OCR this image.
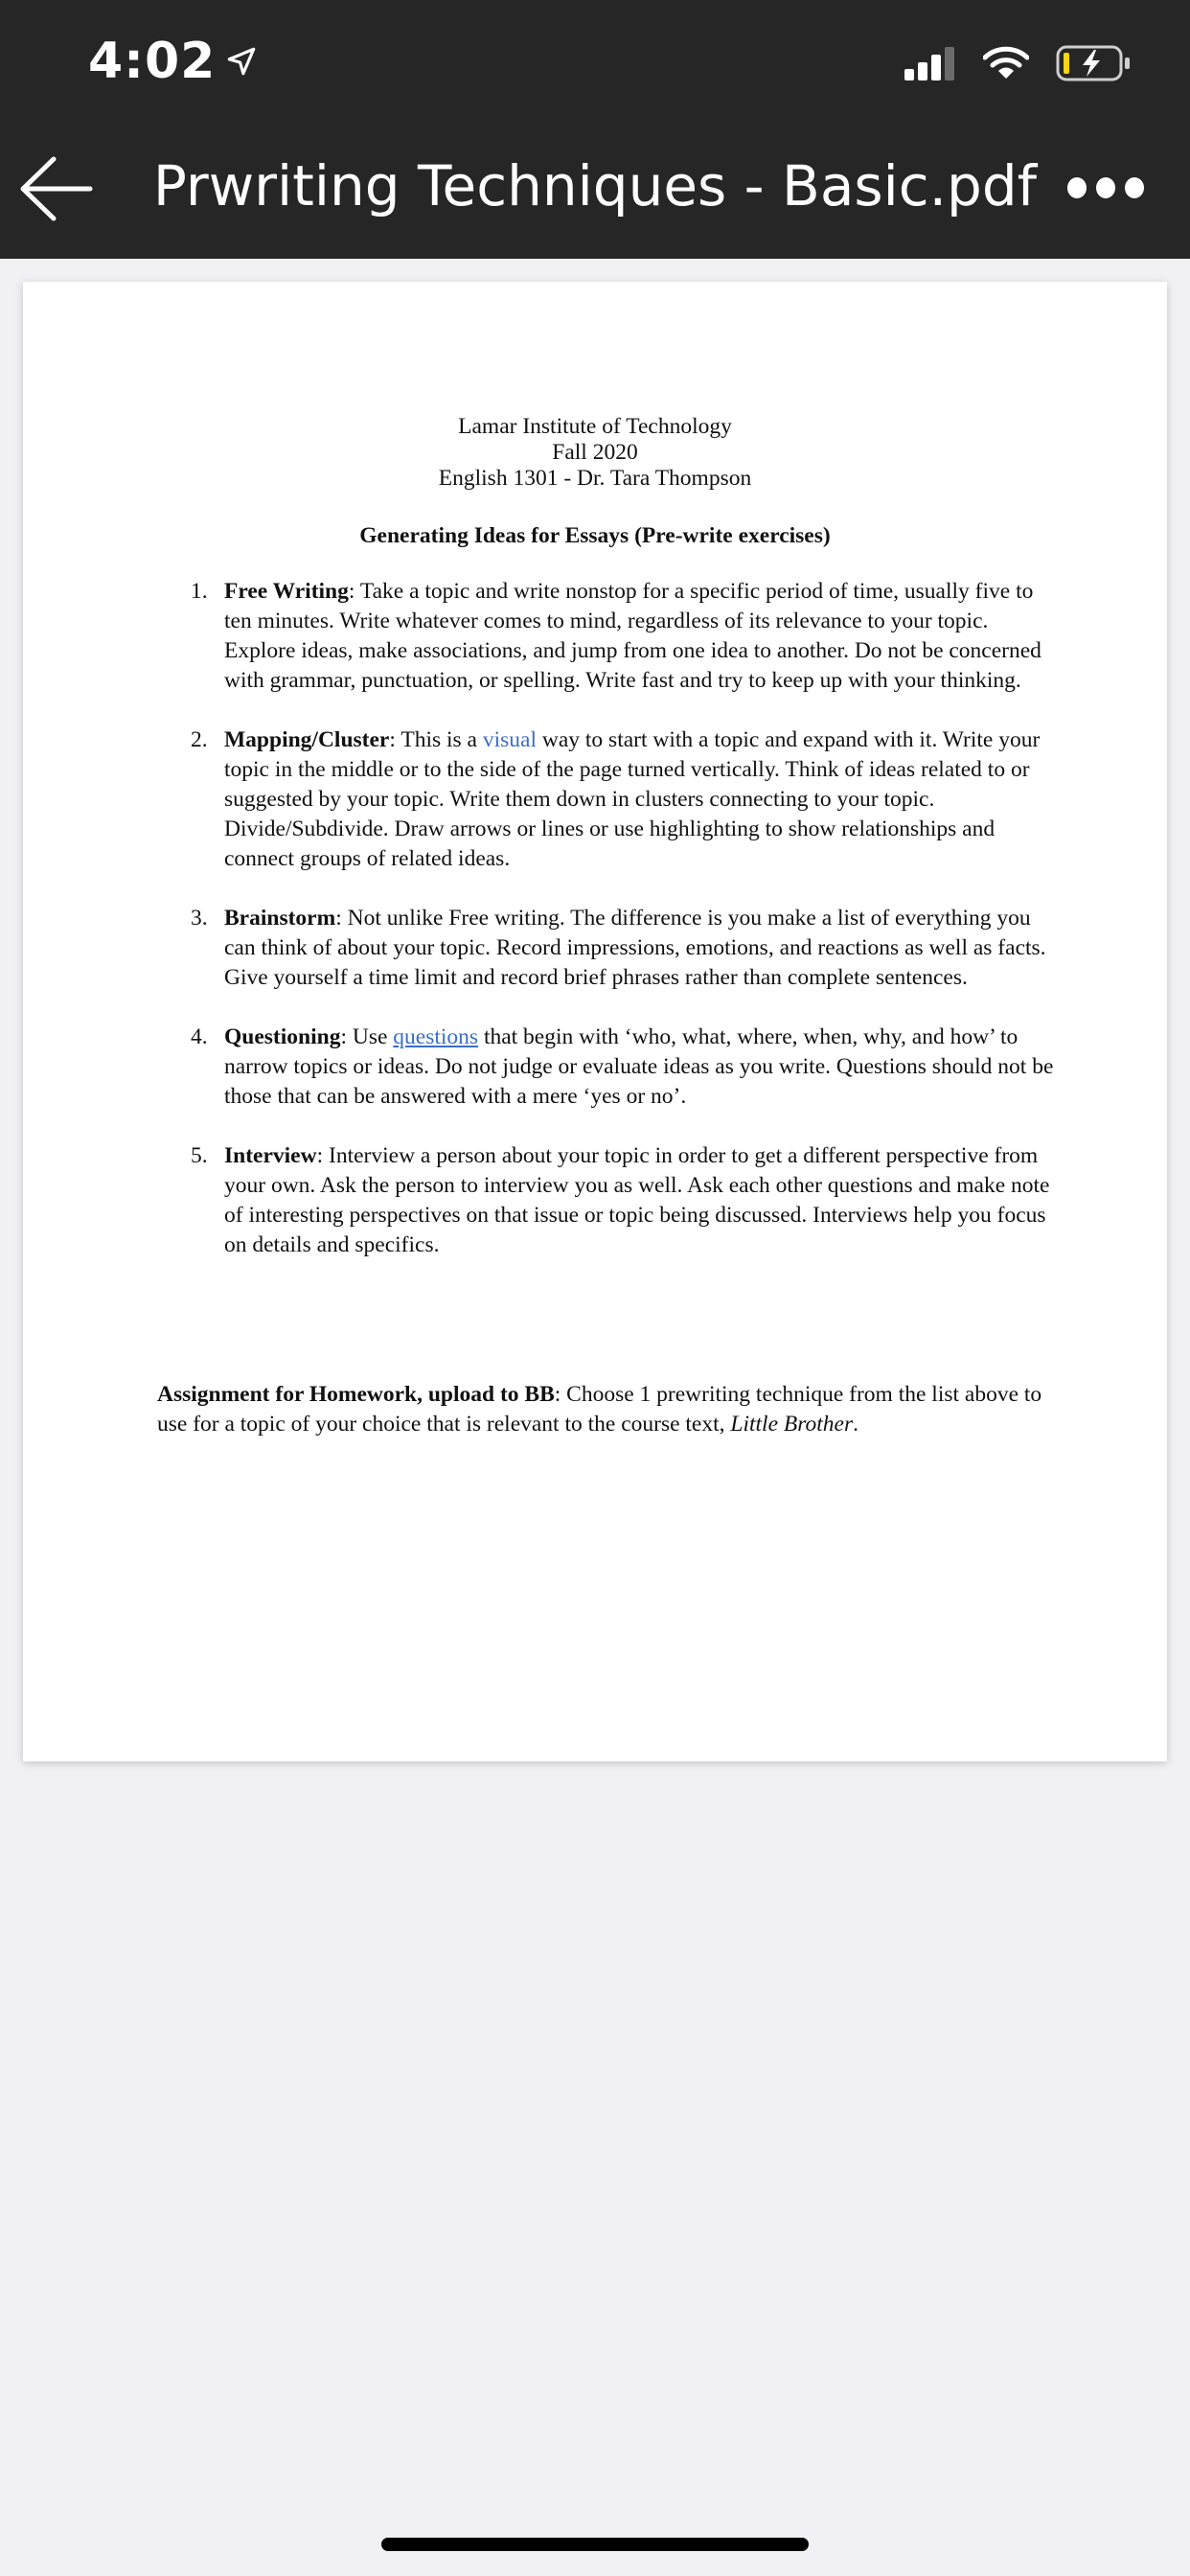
4:02
Prwriting Techniques - Basic.pdf
Lamar Institute of Technology
Fall 2020
English 1301 - Dr. Tara Thompson
Generating Ideas for Essays (Pre-write exercises)
1. Free Writing: Take a topic and write nonstop for a specific period of time, usually five to ten minutes. Write whatever comes to mind, regardless of its relevance to your topic. Explore ideas, make associations, and jump from one idea to another. Do not be concerned with grammar, punctuation, or spelling. Write fast and try to keep up with your thinking.
2. Mapping/Cluster: This is a visual way to start with a topic and expand with it. Write your topic in the middle or to the side of the page turned vertically. Think of ideas related to or suggested by your topic. Write them down in clusters connecting to your topic. Divide/Subdivide. Draw arrows or lines or use highlighting to show relationships and connect groups of related ideas.
3. Brainstorm: Not unlike Free writing. The difference is you make a list of everything you can think of about your topic. Record impressions, emotions, and reactions as well as facts. Give yourself a time limit and record brief phrases rather than complete sentences.
4. Questioning: Use questions that begin with ‘who, what, where, when, why, and how’ to narrow topics or ideas. Do not judge or evaluate ideas as you write. Questions should not be those that can be answered with a mere ‘yes or no’.
5. Interview: Interview a person about your topic in order to get a different perspective from your own. Ask the person to interview you as well. Ask each other questions and make note of interesting perspectives on that issue or topic being discussed. Interviews help you focus on details and specifics.
Assignment for Homework, upload to BB: Choose 1 prewriting technique from the list above to use for a topic of your choice that is relevant to the course text, Little Brother.
